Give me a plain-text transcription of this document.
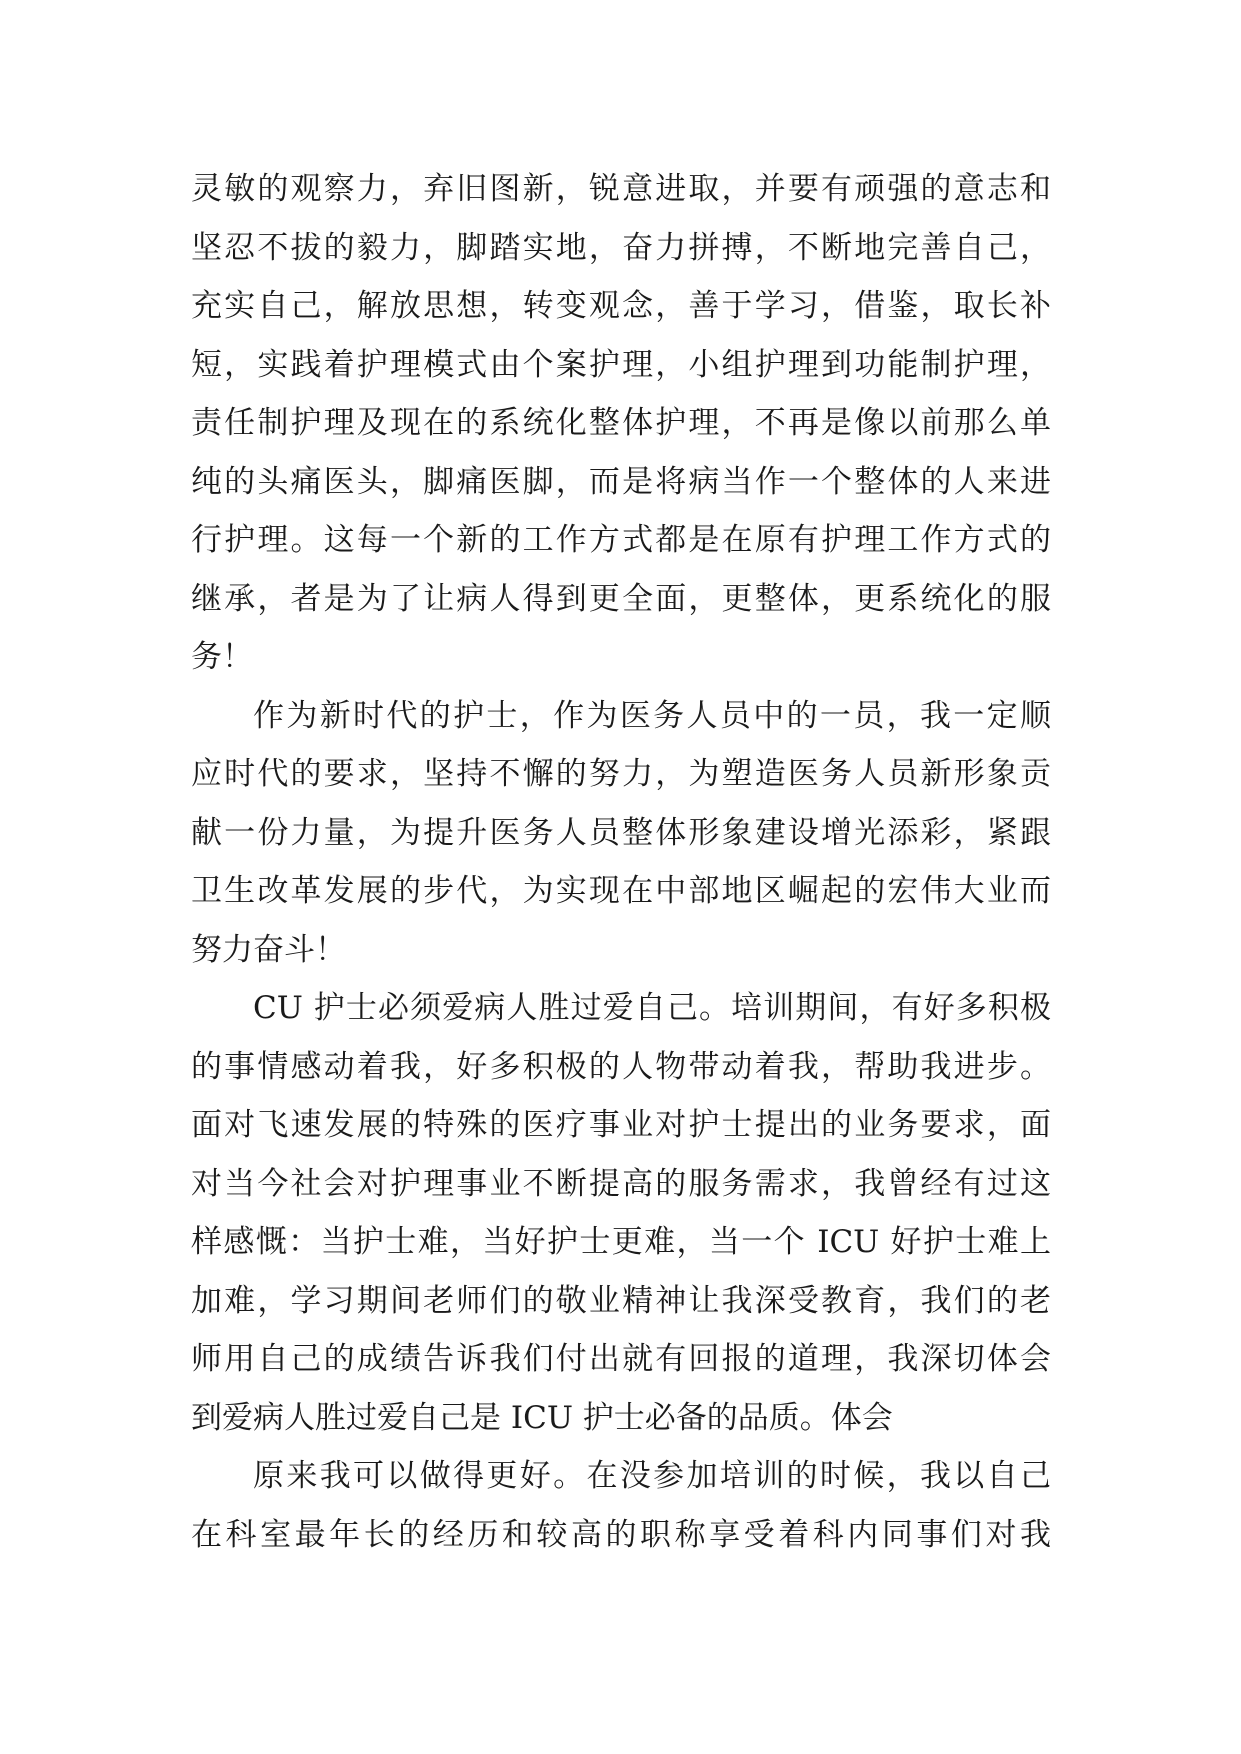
灵敏的观察力，弃旧图新，锐意进取，并要有顽强的意志和
坚忍不拔的毅力，脚踏实地，奋力拼搏，不断地完善自己，
充实自己，解放思想，转变观念，善于学习，借鉴，取长补
短，实践着护理模式由个案护理，小组护理到功能制护理，
责任制护理及现在的系统化整体护理，不再是像以前那么单
纯的头痛医头，脚痛医脚，而是将病当作一个整体的人来进
行护理。这每一个新的工作方式都是在原有护理工作方式的
继承，者是为了让病人得到更全面，更整体，更系统化的服
务！
作为新时代的护士，作为医务人员中的一员，我一定顺
应时代的要求，坚持不懈的努力，为塑造医务人员新形象贡
献一份力量，为提升医务人员整体形象建设增光添彩，紧跟
卫生改革发展的步代，为实现在中部地区崛起的宏伟大业而
努力奋斗！
CU 护士必须爱病人胜过爱自己。培训期间，有好多积极
的事情感动着我，好多积极的人物带动着我，帮助我进步。
面对飞速发展的特殊的医疗事业对护士提出的业务要求，面
对当今社会对护理事业不断提高的服务需求，我曾经有过这
样感慨：当护士难，当好护士更难，当一个 ICU 好护士难上
加难，学习期间老师们的敬业精神让我深受教育，我们的老
师用自己的成绩告诉我们付出就有回报的道理，我深切体会
到爱病人胜过爱自己是 ICU 护士必备的品质。体会
原来我可以做得更好。在没参加培训的时候，我以自己
在科室最年长的经历和较高的职称享受着科内同事们对我
